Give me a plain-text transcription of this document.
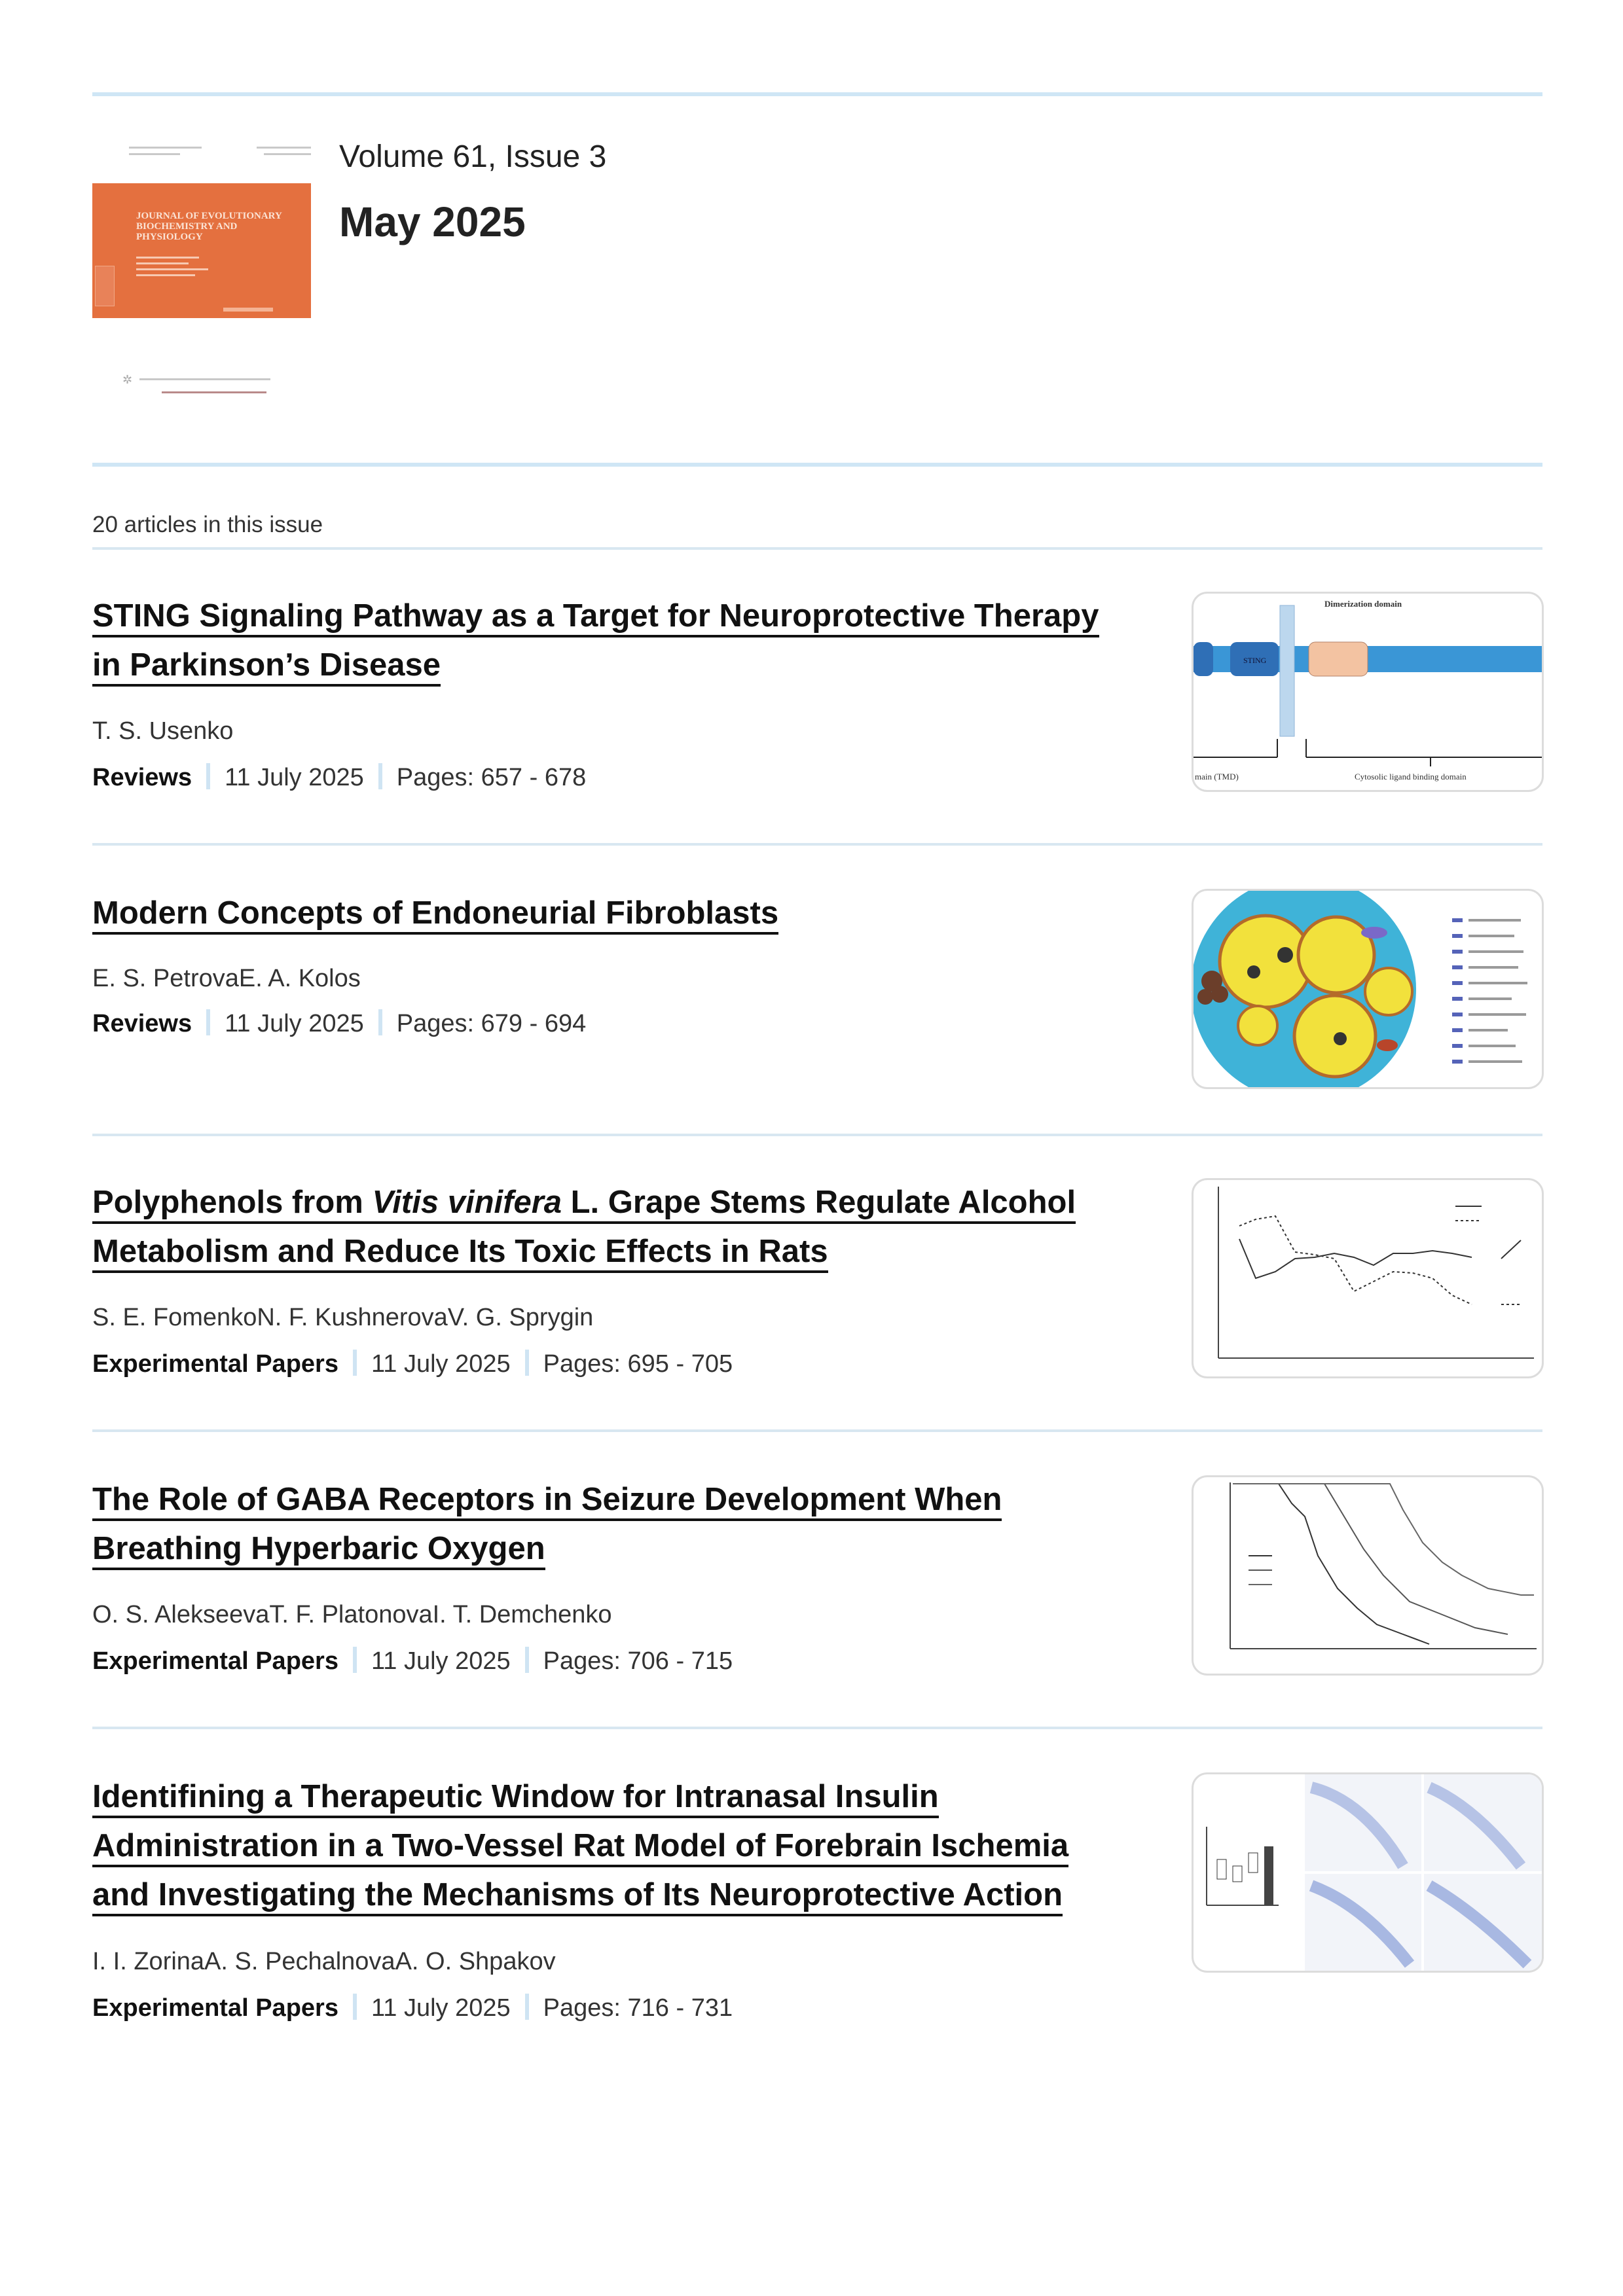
JOURNAL OF EVOLUTIONARY BIOCHEMISTRY AND PHYSIOLOGY
✲
Volume 61, Issue 3
May 2025
20 articles in this issue
STING Signaling Pathway as a Target for Neuroprotective Therapy
in Parkinson’s Disease
T. S. Usenko
Reviews 11 July 2025 Pages: 657 - 678
STING
Dimerization domain
main (TMD)	Cytosolic ligand binding domain
Modern Concepts of Endoneurial Fibroblasts
E. S. PetrovaE. A. Kolos
Reviews 11 July 2025 Pages: 679 - 694
Polyphenols from Vitis vinifera L. Grape Stems Regulate Alcohol
Metabolism and Reduce Its Toxic Effects in Rats
S. E. FomenkoN. F. KushnerovaV. G. Sprygin
Experimental Papers 11 July 2025 Pages: 695 - 705
The Role of GABA Receptors in Seizure Development When
Breathing Hyperbaric Oxygen
O. S. AlekseevaT. F. PlatonovaI. T. Demchenko
Experimental Papers 11 July 2025 Pages: 706 - 715
Identifining a Therapeutic Window for Intranasal Insulin
Administration in a Two-Vessel Rat Model of Forebrain Ischemia
and Investigating the Mechanisms of Its Neuroprotective Action
I. I. ZorinaA. S. PechalnovaA. O. Shpakov
Experimental Papers 11 July 2025 Pages: 716 - 731
